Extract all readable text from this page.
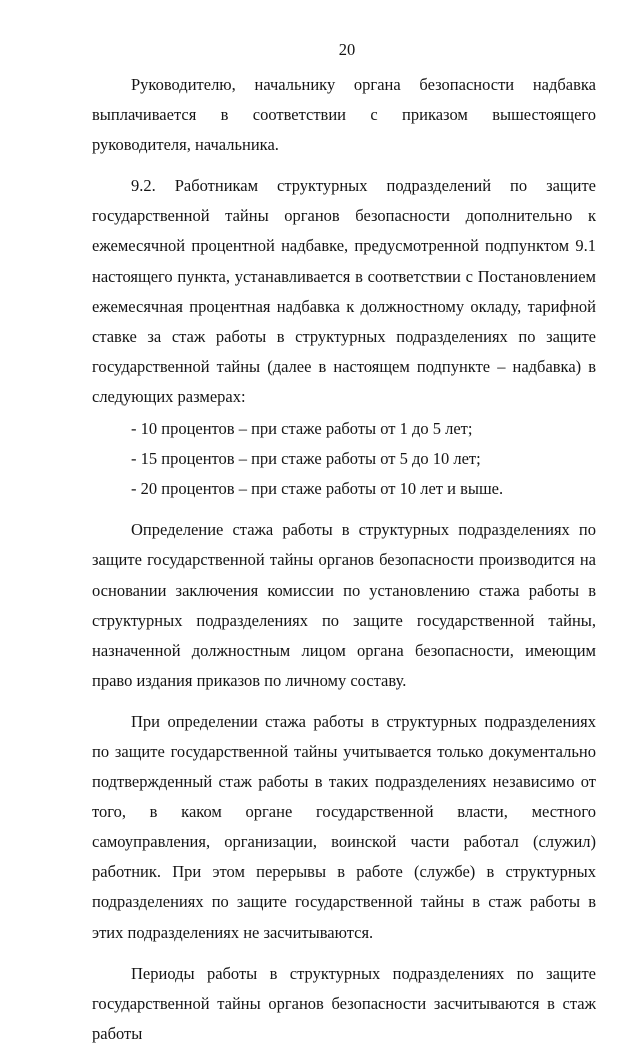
20

Руководителю, начальнику органа безопасности надбавка выплачивается в соответствии с приказом вышестоящего руководителя, начальника.

9.2. Работникам структурных подразделений по защите государственной тайны органов безопасности дополнительно к ежемесячной процентной надбавке, предусмотренной подпунктом 9.1 настоящего пункта, устанавливается в соответствии с Постановлением ежемесячная процентная надбавка к должностному окладу, тарифной ставке за стаж работы в структурных подразделениях по защите государственной тайны (далее в настоящем подпункте – надбавка) в следующих размерах:

- 10 процентов – при стаже работы от 1 до 5 лет;

- 15 процентов – при стаже работы от 5 до 10 лет;

- 20 процентов – при стаже работы от 10 лет и выше.

Определение стажа работы в структурных подразделениях по защите государственной тайны органов безопасности производится на основании заключения комиссии по установлению стажа работы в структурных подразделениях по защите государственной тайны, назначенной должностным лицом органа безопасности, имеющим право издания приказов по личному составу.

При определении стажа работы в структурных подразделениях по защите государственной тайны учитывается только документально подтвержденный стаж работы в таких подразделениях независимо от того, в каком органе государственной власти, местного самоуправления, организации, воинской части работал (служил) работник. При этом перерывы в работе (службе) в структурных подразделениях по защите государственной тайны в стаж работы в этих подразделениях не засчитываются.

Периоды работы в структурных подразделениях по защите государственной тайны органов безопасности засчитываются в стаж работы
